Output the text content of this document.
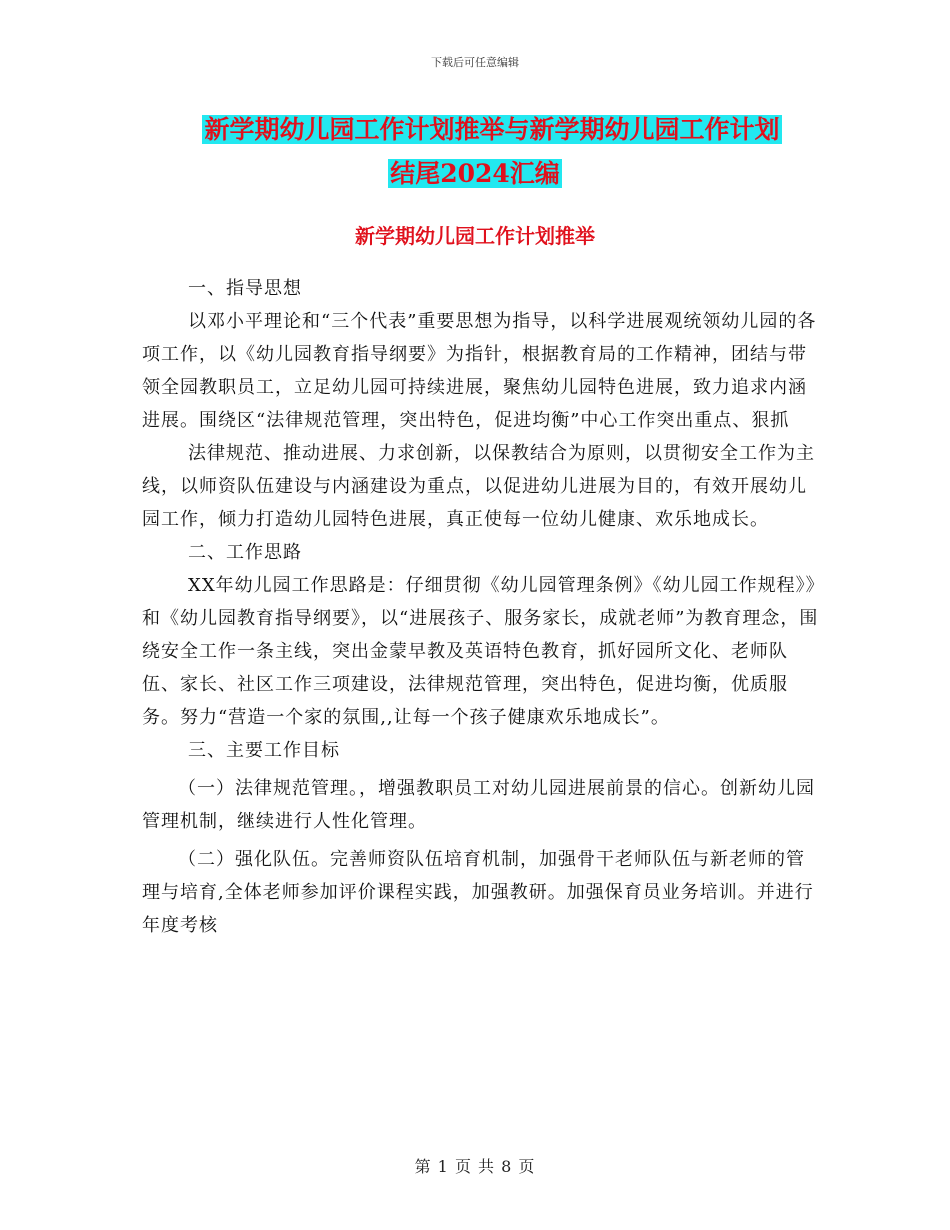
下载后可任意编辑
新学期幼儿园工作计划推举与新学期幼儿园工作计划
结尾2024汇编
新学期幼儿园工作计划推举

一、指导思想

以邓小平理论和“三个代表”重要思想为指导，以科学进展观统领幼儿园的各项工作，以《幼儿园教育指导纲要》为指针，根据教育局的工作精神，团结与带领全园教职员工，立足幼儿园可持续进展，聚焦幼儿园特色进展，致力追求内涵进展。围绕区“法律规范管理，突出特色，促进均衡”中心工作突出重点、狠抓

法律规范、推动进展、力求创新，以保教结合为原则，以贯彻安全工作为主线，以师资队伍建设与内涵建设为重点，以促进幼儿进展为目的，有效开展幼儿园工作，倾力打造幼儿园特色进展，真正使每一位幼儿健康、欢乐地成长。

二、工作思路

XX年幼儿园工作思路是：仔细贯彻《幼儿园管理条例》《幼儿园工作规程》》和《幼儿园教育指导纲要》，以“进展孩子、服务家长，成就老师”为教育理念，围绕安全工作一条主线，突出金蒙早教及英语特色教育，抓好园所文化、老师队伍、家长、社区工作三项建设，法律规范管理，突出特色，促进均衡，优质服务。努力“营造一个家的氛围,,让每一个孩子健康欢乐地成长”。

三、主要工作目标

（一）法律规范管理。，增强教职员工对幼儿园进展前景的信心。创新幼儿园管理机制，继续进行人性化管理。

（二）强化队伍。完善师资队伍培育机制，加强骨干老师队伍与新老师的管理与培育,全体老师参加评价课程实践，加强教研。加强保育员业务培训。并进行年度考核

第 1 页 共 8 页
